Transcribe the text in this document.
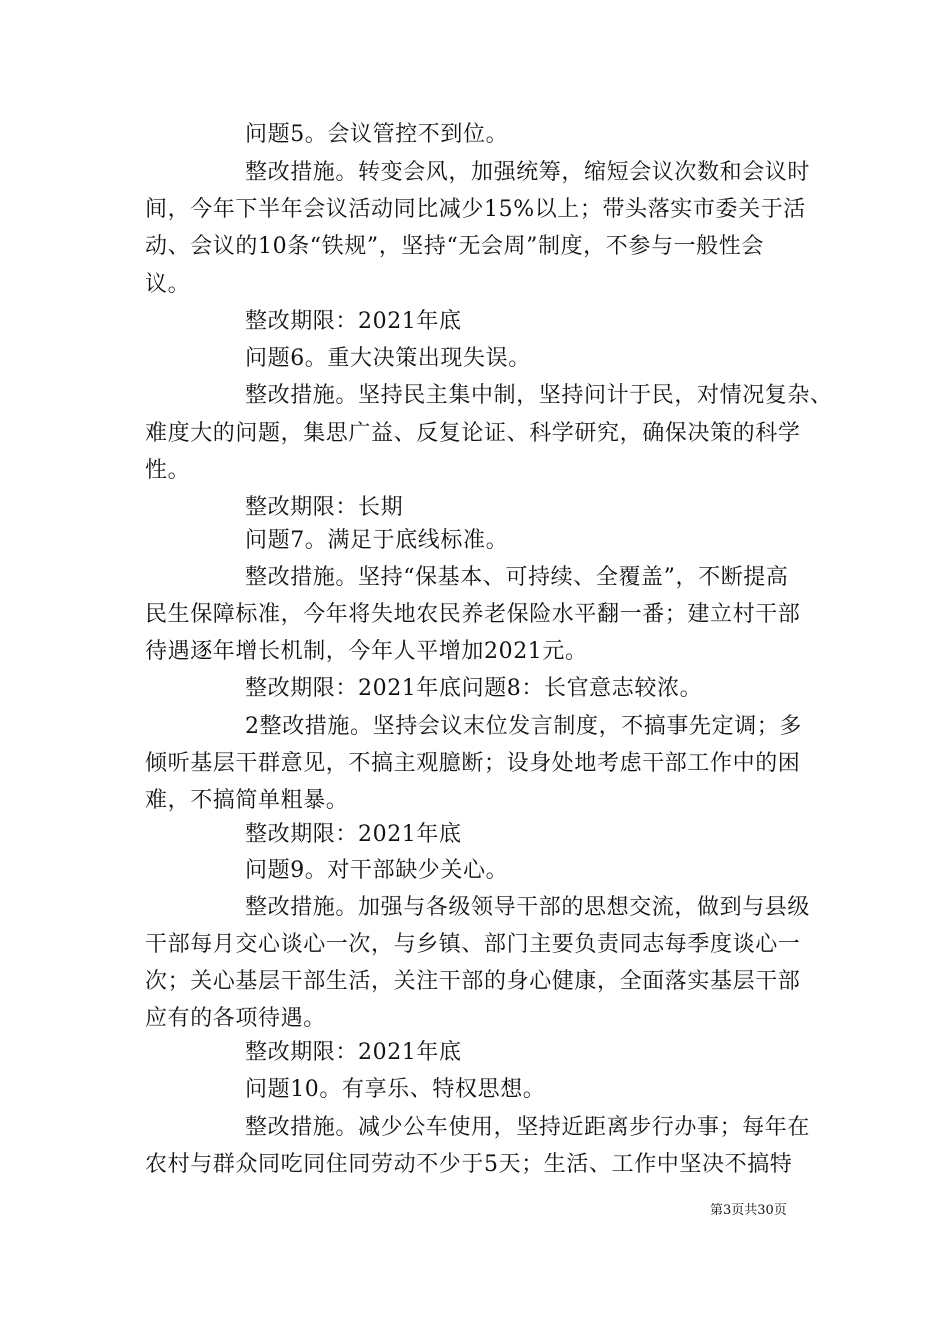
问题5。会议管控不到位。
整改措施。转变会风，加强统筹，缩短会议次数和会议时
间，今年下半年会议活动同比减少15%以上；带头落实市委关于活
动、会议的10条“铁规”，坚持“无会周”制度，不参与一般性会
议。
整改期限：2021年底
问题6。重大决策出现失误。
整改措施。坚持民主集中制，坚持问计于民，对情况复杂、
难度大的问题，集思广益、反复论证、科学研究，确保决策的科学
性。
整改期限：长期
问题7。满足于底线标准。
整改措施。坚持“保基本、可持续、全覆盖”，不断提高
民生保障标准，今年将失地农民养老保险水平翻一番；建立村干部
待遇逐年增长机制，今年人平增加2021元。
整改期限：2021年底问题8：长官意志较浓。
2整改措施。坚持会议末位发言制度，不搞事先定调；多
倾听基层干群意见，不搞主观臆断；设身处地考虑干部工作中的困
难，不搞简单粗暴。
整改期限：2021年底
问题9。对干部缺少关心。
整改措施。加强与各级领导干部的思想交流，做到与县级
干部每月交心谈心一次，与乡镇、部门主要负责同志每季度谈心一
次；关心基层干部生活，关注干部的身心健康，全面落实基层干部
应有的各项待遇。
整改期限：2021年底
问题10。有享乐、特权思想。
整改措施。减少公车使用，坚持近距离步行办事；每年在
农村与群众同吃同住同劳动不少于5天；生活、工作中坚决不搞特
第3页共30页
